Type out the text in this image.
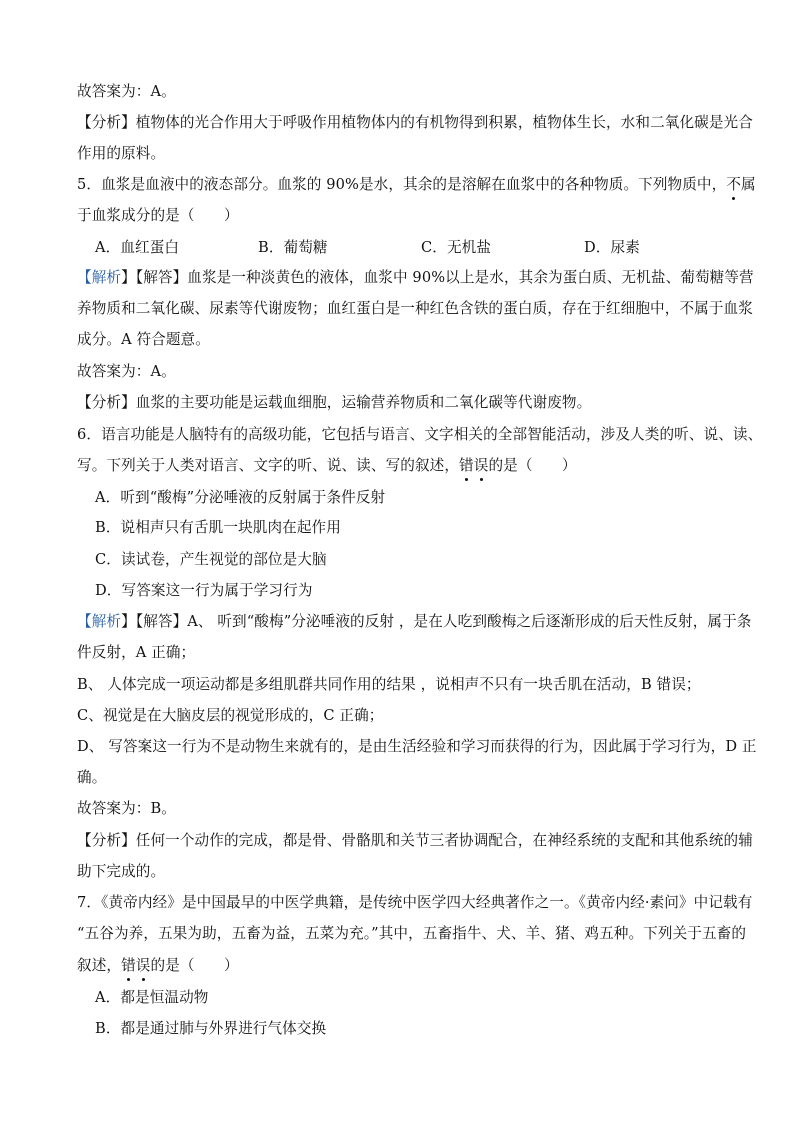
故答案为：A。

【分析】植物体的光合作用大于呼吸作用植物体内的有机物得到积累，植物体生长，水和二氧化碳是光合

作用的原料。

5．血浆是血液中的液态部分。血浆的 90%是水，其余的是溶解在血浆中的各种物质。下列物质中，不属

于血浆成分的是（　　）

A．血红蛋白	B．葡萄糖	C．无机盐	D．尿素

【解析】【解答】血浆是一种淡黄色的液体，血浆中 90%以上是水，其余为蛋白质、无机盐、葡萄糖等营

养物质和二氧化碳、尿素等代谢废物；血红蛋白是一种红色含铁的蛋白质，存在于红细胞中，不属于血浆

成分。A 符合题意。

故答案为：A。

【分析】血浆的主要功能是运载血细胞，运输营养物质和二氧化碳等代谢废物。

6．语言功能是人脑特有的高级功能，它包括与语言、文字相关的全部智能活动，涉及人类的听、说、读、

写。下列关于人类对语言、文字的听、说、读、写的叙述，错误的是（　　）

A．听到“酸梅”分泌唾液的反射属于条件反射

B．说相声只有舌肌一块肌肉在起作用

C．读试卷，产生视觉的部位是大脑

D．写答案这一行为属于学习行为

【解析】【解答】A、 听到“酸梅”分泌唾液的反射 ，是在人吃到酸梅之后逐渐形成的后天性反射，属于条

件反射，A 正确；

B、 人体完成一项运动都是多组肌群共同作用的结果 ，说相声不只有一块舌肌在活动，B 错误；

C、视觉是在大脑皮层的视觉形成的，C 正确；

D、 写答案这一行为不是动物生来就有的，是由生活经验和学习而获得的行为，因此属于学习行为，D 正

确。

故答案为：B。

【分析】任何一个动作的完成，都是骨、骨骼肌和关节三者协调配合，在神经系统的支配和其他系统的辅

助下完成的。

7．《黄帝内经》是中国最早的中医学典籍，是传统中医学四大经典著作之一。《黄帝内经·素问》中记载有

“五谷为养，五果为助，五畜为益，五菜为充。”其中，五畜指牛、犬、羊、猪、鸡五种。下列关于五畜的

叙述，错误的是（　　）

A．都是恒温动物

B．都是通过肺与外界进行气体交换
